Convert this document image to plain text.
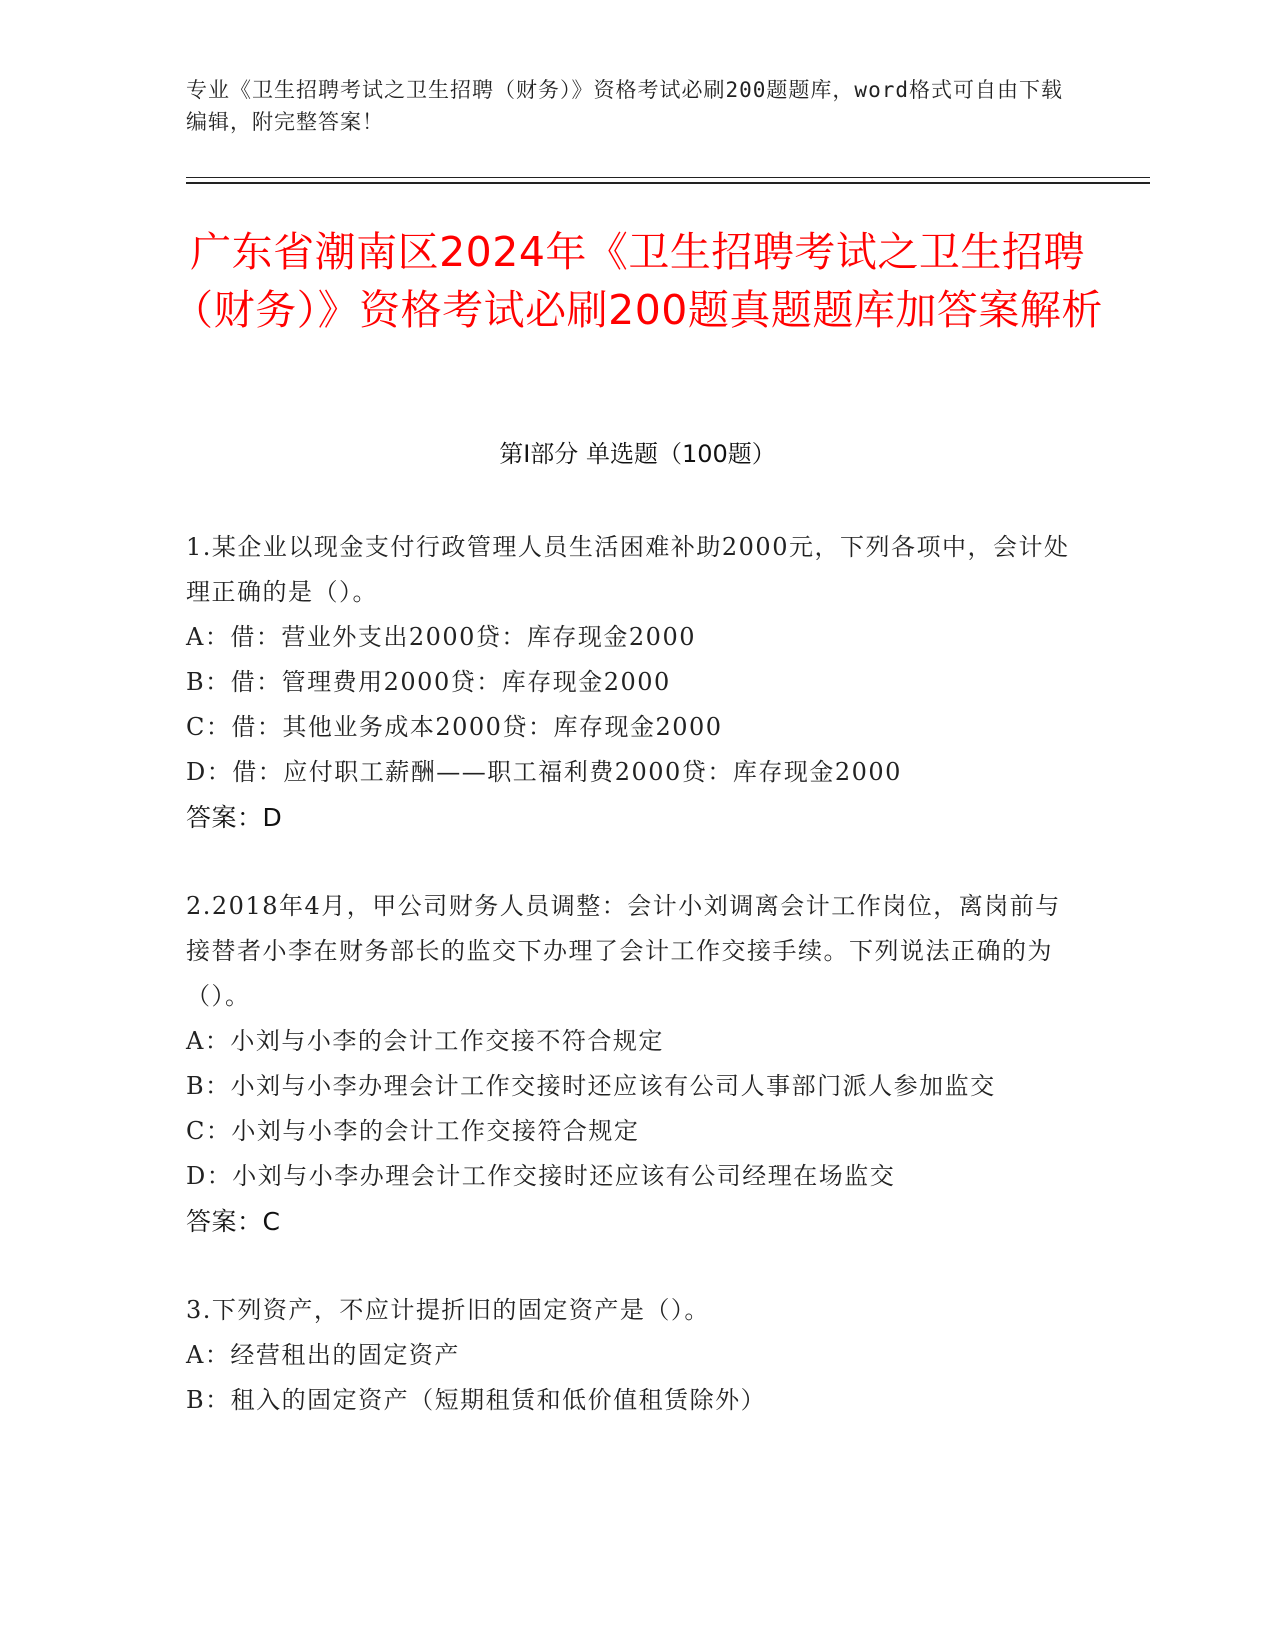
专业《卫生招聘考试之卫生招聘（财务）》资格考试必刷200题题库，word格式可自由下载编辑，附完整答案！
广东省潮南区2024年《卫生招聘考试之卫生招聘（财务）》资格考试必刷200题真题题库加答案解析
第Ⅰ部分 单选题（100题）

1.某企业以现金支付行政管理人员生活困难补助2000元，下列各项中，会计处理正确的是（）。

A：借：营业外支出2000贷：库存现金2000

B：借：管理费用2000贷：库存现金2000

C：借：其他业务成本2000贷：库存现金2000

D：借：应付职工薪酬——职工福利费2000贷：库存现金2000

答案：D

2.2018年4月，甲公司财务人员调整：会计小刘调离会计工作岗位，离岗前与接替者小李在财务部长的监交下办理了会计工作交接手续。下列说法正确的为（）。

A：小刘与小李的会计工作交接不符合规定

B：小刘与小李办理会计工作交接时还应该有公司人事部门派人参加监交

C：小刘与小李的会计工作交接符合规定

D：小刘与小李办理会计工作交接时还应该有公司经理在场监交

答案：C

3.下列资产，不应计提折旧的固定资产是（）。

A：经营租出的固定资产

B：租入的固定资产（短期租赁和低价值租赁除外）
